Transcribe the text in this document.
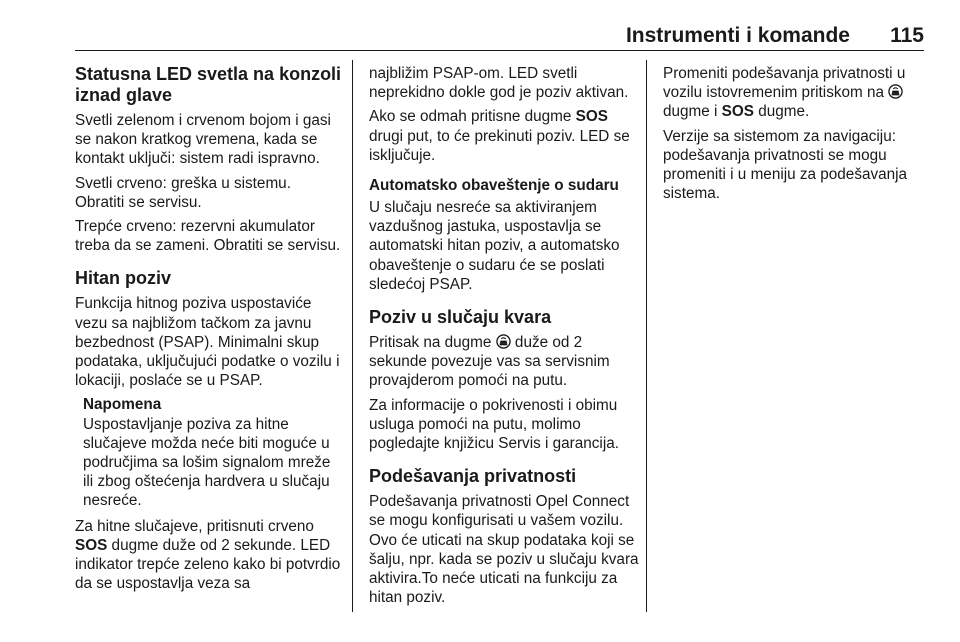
Instrumenti i komande 115
Statusna LED svetla na konzoli
iznad glave

Svetli zelenom i crvenom bojom i gasi se nakon kratkog vremena, kada se kontakt uključi: sistem radi ispravno.

Svetli crveno: greška u sistemu. Obratiti se servisu.

Trepće crveno: rezervni akumulator treba da se zameni. Obratiti se servisu.

Hitan poziv

Funkcija hitnog poziva uspostaviće vezu sa najbližom tačkom za javnu bezbednost (PSAP). Minimalni skup podataka, uključujući podatke o vozilu i lokaciji, poslaće se u PSAP.

Napomena
Uspostavljanje poziva za hitne slučajeve možda neće biti moguće u područjima sa lošim signalom mreže ili zbog oštećenja hardvera u slučaju nesreće.

Za hitne slučajeve, pritisnuti crveno SOS dugme duže od 2 sekunde. LED indikator trepće zeleno kako bi potvrdio da se uspostavlja veza sa

najbližim PSAP-om. LED svetli neprekidno dokle god je poziv aktivan.

Ako se odmah pritisne dugme SOS drugi put, to će prekinuti poziv. LED se isključuje.

Automatsko obaveštenje o sudaru

U slučaju nesreće sa aktiviranjem vazdušnog jastuka, uspostavlja se automatski hitan poziv, a automatsko obaveštenje o sudaru će se poslati sledećoj PSAP.

Poziv u slučaju kvara

Pritisak na dugme
duže od 2 sekunde povezuje vas sa servisnim provajderom pomoći na putu.

Za informacije o pokrivenosti i obimu usluga pomoći na putu, molimo pogledajte knjižicu Servis i garancija.

Podešavanja privatnosti

Podešavanja privatnosti Opel Connect se mogu konfigurisati u vašem vozilu. Ovo će uticati na skup podataka koji se šalju, npr. kada se poziv u slučaju kvara aktivira.To neće uticati na funkciju za hitan poziv.

Promeniti podešavanja privatnosti u vozilu istovremenim pritiskom na
dugme i SOS dugme.

Verzije sa sistemom za navigaciju: podešavanja privatnosti se mogu promeniti i u meniju za podešavanja sistema.
